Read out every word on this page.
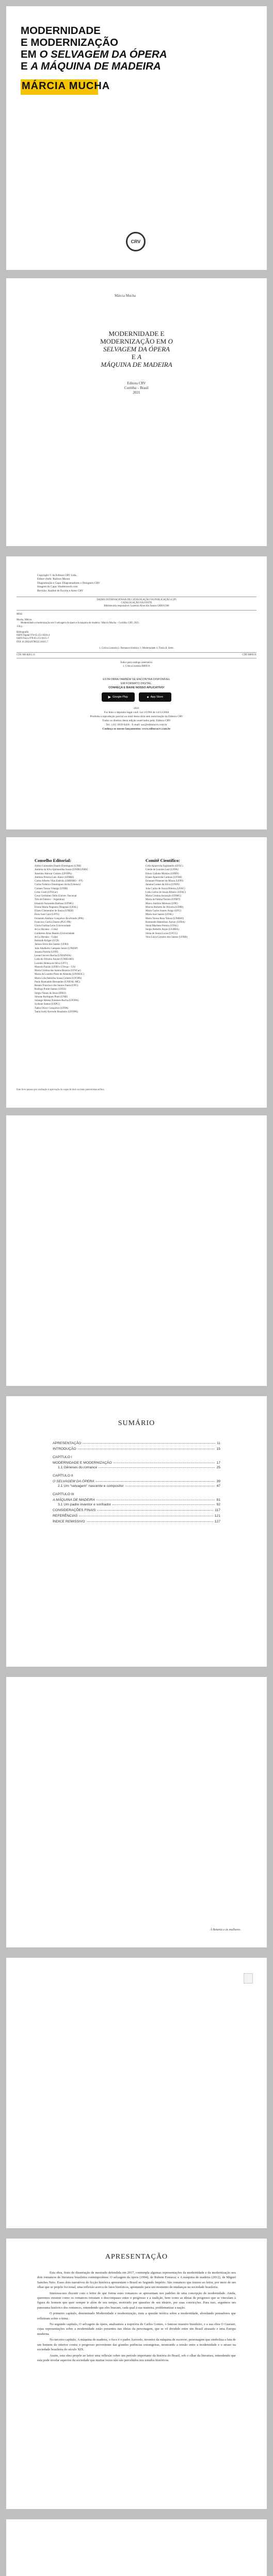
MODERNIDADE
E MODERNIZAÇÃO
EM O SELVAGEM DA ÓPERA
E A MÁQUINA DE MADEIRA
MÁRCIA MUCHA
CRV
Márcia Mucha
MODERNIDADE E
MODERNIZAÇÃO EM O
SELVAGEM DA ÓPERA
E A
MÁQUINA DE MADEIRA
Editora CRV
Curitiba – Brasil
2021
Copyright © da Editora CRV Ltda.
Editor-chefe: Railson Moura
Diagramação e Capa: Diagramadores e Designers CRV
Imagem da Capa: Shutterstock.com
Revisão: Análise de Escrita e Artes CRV
DADOS INTERNACIONAIS DE CATALOGAÇÃO NA PUBLICAÇÃO (CIP)
CATALOGAÇÃO NA FONTE
Bibliotecária responsável: Luzenira Alves dos Santos CRB9/1506
M942
Mucha, Márcia
Modernidade e modernização em O selvagem da ópera e A máquina de madeira / Márcia Mucha – Curitiba: CRV, 2021.
150 p.
Bibliografia
ISBN Digital 978-65-251-0416-4
ISBN Físico 978-65-251-0415-7
DOI 10.24824/978652510415.7
1. Crítica Literária 2. Romance histórico 3. Modernidade 4. Título II. Série.
CDU 869.0(81).31	CDD B869.91
Índice para catálogo sistemático
1. Crítica Literária B869.91
ESTA OBRA TAMBÉM SE ENCONTRA DISPONÍVEL
EM FORMATO DIGITAL.
CONHEÇA E BAIXE NOSSO APLICATIVO!
▶ Google Play	● App Store
2021
Foi feito o depósito legal conf. Lei 10.994 de 14/12/2004
Proibida a reprodução parcial ou total desta obra sem autorização da Editora CRV
Todos os direitos desta edição reservados pela: Editora CRV
Tel.: (41) 3039-6418 - E-mail: sac@editoracrv.com.br
Conheça os nossos lançamentos: www.editoracrv.com.br
Conselho Editorial:
Aldira Guimarães Duarte Domínguez (UNB)
Andréia da Silva Quintanilha Sousa (UNIR/UFRN)
Anselmo Alencar Colares (UFOPA)
Antônio Pereira Gaio Júnior (UFRRJ)
Carlos Alberto Vilar Estêvão (UMINHO – PT)
Carlos Federico Domínguez Avila (Unieuro)
Carmen Tereza Velanga (UNIR)
Celso Conti (UFSCar)
Cesar Gerônimo Tello (Univer. Nacional
Três de Febrero – Argentina)
Eduardo Fernandes Barbosa (UFMG)
Elione Maria Nogueira Diogenes (UFAL)
Elizeu Clementino de Souza (UNEB)
Élsio José Corá (UFFS)
Fernando Antônio Gonçalves Alcoforado (IPB)
Francisco Carlos Duarte (PUC-PR)
Gloria Fariñas León (Universidade
de La Havana – Cuba)
Guillermo Arias Beatón (Universidade
de La Havana – Cuba)
Helmuth Krüger (UCP)
Jailson Alves dos Santos (UFRJ)
João Adalberto Campato Junior (UNESP)
Josania Portela (UFPI)
Leonel Severo Rocha (UNISINOS)
Lídia de Oliveira Xavier (UNIEURO)
Lourdes Helena da Silva (UFV)
Marcelo Paixão (UFRJ e UTexas – US)
Maria Cristina dos Santos Bezerra (UFSCar)
Maria de Lourdes Pinto de Almeida (UNOESC)
Maria Lília Imbiriba Sousa Colares (UFOPA)
Paulo Romualdo Hernandes (UNIFAL-MG)
Renato Francisco dos Santos Paula (UFG)
Rodrigo Pratte-Santos (UFES)
Sérgio Nunes de Jesus (IFRO)
Simone Rodrigues Pinto (UNB)
Solange Helena Ximenes-Rocha (UFOPA)
Sydione Santos (UEPG)
Tadeu Oliver Gonçalves (UFPA)
Tania Suely Azevedo Brasileiro (UFOPA)
Comitê Científico:
Célia Aparecida Fagnanello (UFSC)
Cleide de Lourdes Leal (UFPA)
Edson Galinho Martins (UFRN)
Eliane Aparecida Cardoso (UFSM)
Emanuel Pimentel de Moura (UFPI)
Janaina Gomes da Silva (UFRN)
João Carlos de Souza Ribeiro (UFAC)
Lidia Carlos de Souza Ribeiro (UFAC)
Maria Cristina Ascunção (UFMG)
Maria de Fátima Tormin (UFMT)
Marco Antônio Mortoza (UPE)
Marcos Roberto de Oliveira (UFPB)
Mário Carlos Soares Arago (UFG)
Maria José Santos (UFAL)
Maria Teresa Rosa Veloso (UNIRIO)
Raimundo Helenilson Xavier (UFBA)
Sônia Marilene Pereira (UFAL)
Sergio Roberto Anjos (ULBRA)
Sônia de Souza Lucas (UFCG)
Vera Lúcia Carneiro dos Santos (UFRB)
Este livro passou por avaliação e aprovação às cegas de dois ou mais pareceristas ad hoc.
SUMÁRIO
APRESENTAÇÃO	11
INTRODUÇÃO	15
CAPÍTULO I
MODERNIDADE E MODERNIZAÇÃO	17
1.1 Gêneses do romance	25
CAPÍTULO II
O SELVAGEM DA ÓPERA	39
2.1 Um “selvagem” nascente e compositor	47
CAPÍTULO III
A MÁQUINA DE MADEIRA	81
3.1 Um padre inventor e sonhador	92
CONSIDERAÇÕES FINAIS	117
REFERÊNCIAS	121
ÍNDICE REMISSIVO	127
À Betania e às mulheres.
APRESENTAÇÃO

Esta obra, fruto de dissertação de mestrado defendida em 2017, contempla algumas representações da modernidade e da modernização nos dois romances de literatura brasileira contemporânea: O selvagem da ópera (1994), de Rubem Fonseca; e A máquina de madeira (2012), de Miguel Sanches Neto. Esses dois narrativos de ficção histórica apresentam o Brasil no Segundo Império. São romances que trazem ao leitor, por meio de um olhar que se propõe ficcional, uma reflexão acerca de fatos históricos, apontando para um momento de mudanças na sociedade brasileira.

Interessa-nos discutir com o leitor de que forma estes romances se apresentam nos padrões de uma concepção de modernidade. Ainda, queremos mostrar como os romances retratam o descompasso entre o progresso e a tradição, bem como as ideias de progresso que se vinculam à figura do homem que quer sempre ir além de seu tempo, motivado por questões de seu ideário, por suas convicções. Para isso, seguimos um panorama histórico dos romances, entendendo que eles buscam, cada qual à sua maneira, problematizar a nação.

O primeiro capítulo, denominado Modernidade e modernização, trata a questão teórica sobre a modernidade, abordando pensadores que refletiram sobre o tema.

No segundo capítulo, O selvagem da ópera, analisamos a trajetória de Carlos Gomes, o famoso maestro brasileiro, e a sua obra O Guarani, cujas representações sobre a modernidade estão presentes nas ideias da personagem, que se vê dividido entre um Brasil atrasado e uma Europa moderna.

No terceiro capítulo, A máquina de madeira, o foco é o padre Azevedo, inventor da máquina de escrever, personagem que simboliza a luta de um homem do interior contra o progresso proveniente das grandes potências estrangeiras, mostrando a tensão entre a modernidade e o atraso na sociedade brasileira do século XIX.

Assim, esta obra propõe ao leitor uma reflexão sobre um período importante da história do Brasil, sob o olhar da literatura, entendendo que esta pode revelar aspectos da sociedade que muitas vezes não são percebidos nos estudos históricos.
